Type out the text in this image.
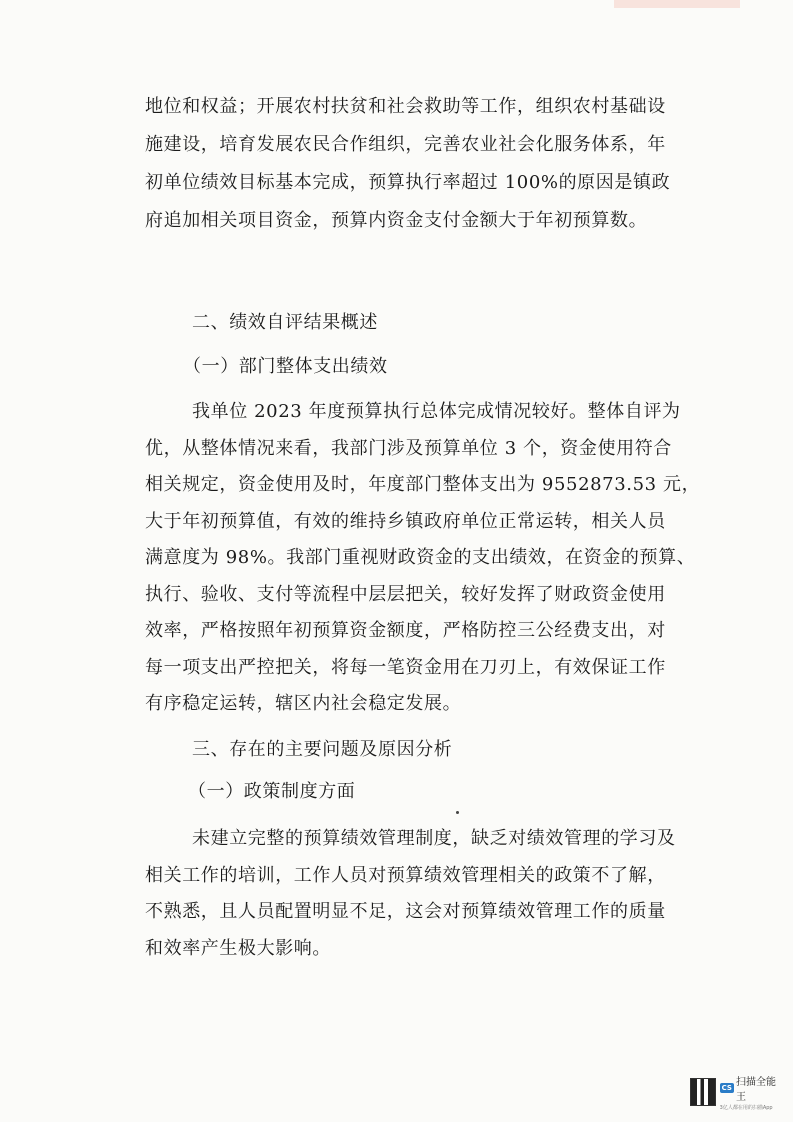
地位和权益；开展农村扶贫和社会救助等工作，组织农村基础设
施建设，培育发展农民合作组织，完善农业社会化服务体系，年
初单位绩效目标基本完成，预算执行率超过 100%的原因是镇政
府追加相关项目资金，预算内资金支付金额大于年初预算数。
二、绩效自评结果概述
（一）部门整体支出绩效
我单位 2023 年度预算执行总体完成情况较好。整体自评为
优，从整体情况来看，我部门涉及预算单位 3 个，资金使用符合
相关规定，资金使用及时，年度部门整体支出为 9552873.53 元，
大于年初预算值，有效的维持乡镇政府单位正常运转，相关人员
满意度为 98%。我部门重视财政资金的支出绩效，在资金的预算、
执行、验收、支付等流程中层层把关，较好发挥了财政资金使用
效率，严格按照年初预算资金额度，严格防控三公经费支出，对
每一项支出严控把关，将每一笔资金用在刀刃上，有效保证工作
有序稳定运转，辖区内社会稳定发展。
三、存在的主要问题及原因分析
（一）政策制度方面
未建立完整的预算绩效管理制度，缺乏对绩效管理的学习及
相关工作的培训，工作人员对预算绩效管理相关的政策不了解，
不熟悉，且人员配置明显不足，这会对预算绩效管理工作的质量
和效率产生极大影响。
CS 扫描全能王
3亿人都在用的扫描App
